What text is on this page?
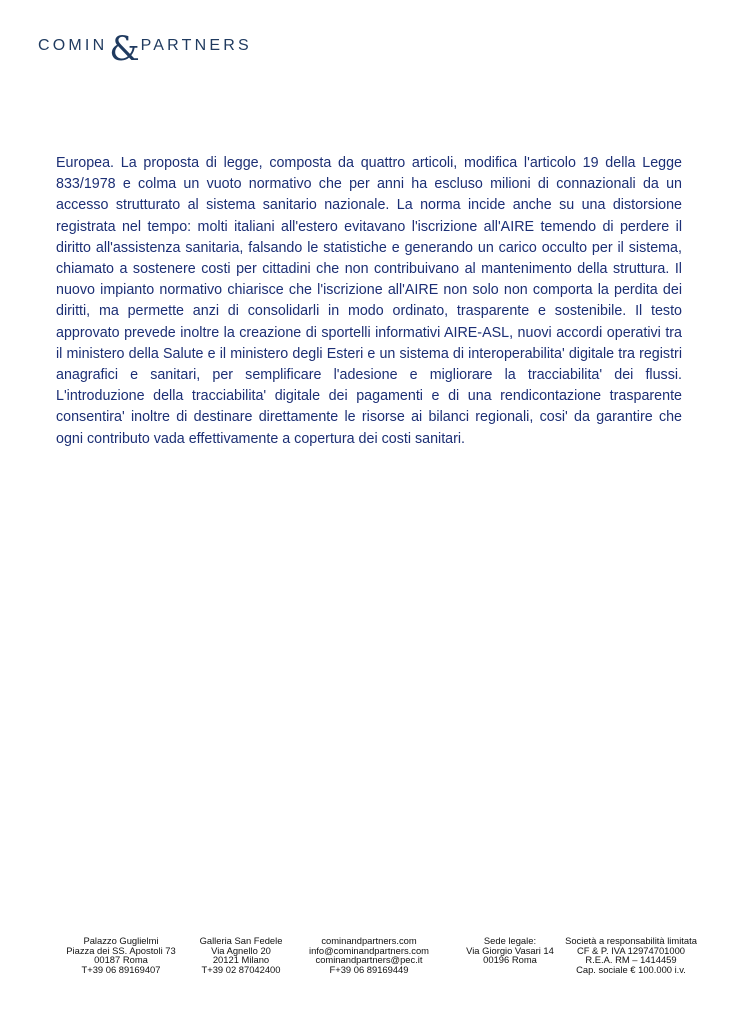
COMIN & PARTNERS

Europea. La proposta di legge, composta da quattro articoli, modifica l'articolo 19 della Legge 833/1978 e colma un vuoto normativo che per anni ha escluso milioni di connazionali da un accesso strutturato al sistema sanitario nazionale. La norma incide anche su una distorsione registrata nel tempo: molti italiani all'estero evitavano l'iscrizione all'AIRE temendo di perdere il diritto all'assistenza sanitaria, falsando le statistiche e generando un carico occulto per il sistema, chiamato a sostenere costi per cittadini che non contribuivano al mantenimento della struttura. Il nuovo impianto normativo chiarisce che l'iscrizione all'AIRE non solo non comporta la perdita dei diritti, ma permette anzi di consolidarli in modo ordinato, trasparente e sostenibile. Il testo approvato prevede inoltre la creazione di sportelli informativi AIRE-ASL, nuovi accordi operativi tra il ministero della Salute e il ministero degli Esteri e un sistema di interoperabilita' digitale tra registri anagrafici e sanitari, per semplificare l'adesione e migliorare la tracciabilita' dei flussi. L'introduzione della tracciabilita' digitale dei pagamenti e di una rendicontazione trasparente consentira' inoltre di destinare direttamente le risorse ai bilanci regionali, cosi' da garantire che ogni contributo vada effettivamente a copertura dei costi sanitari.

Palazzo Guglielmi
Piazza dei SS. Apostoli 73
00187 Roma
T+39 06 89169407
Galleria San Fedele
Via Agnello 20
20121 Milano
T+39 02 87042400
cominandpartners.com
info@cominandpartners.com
cominandpartners@pec.it
F+39 06 89169449
Sede legale:
Via Giorgio Vasari 14
00196 Roma
Società a responsabilità limitata
CF & P. IVA 12974701000
R.E.A. RM – 1414459
Cap. sociale € 100.000 i.v.
